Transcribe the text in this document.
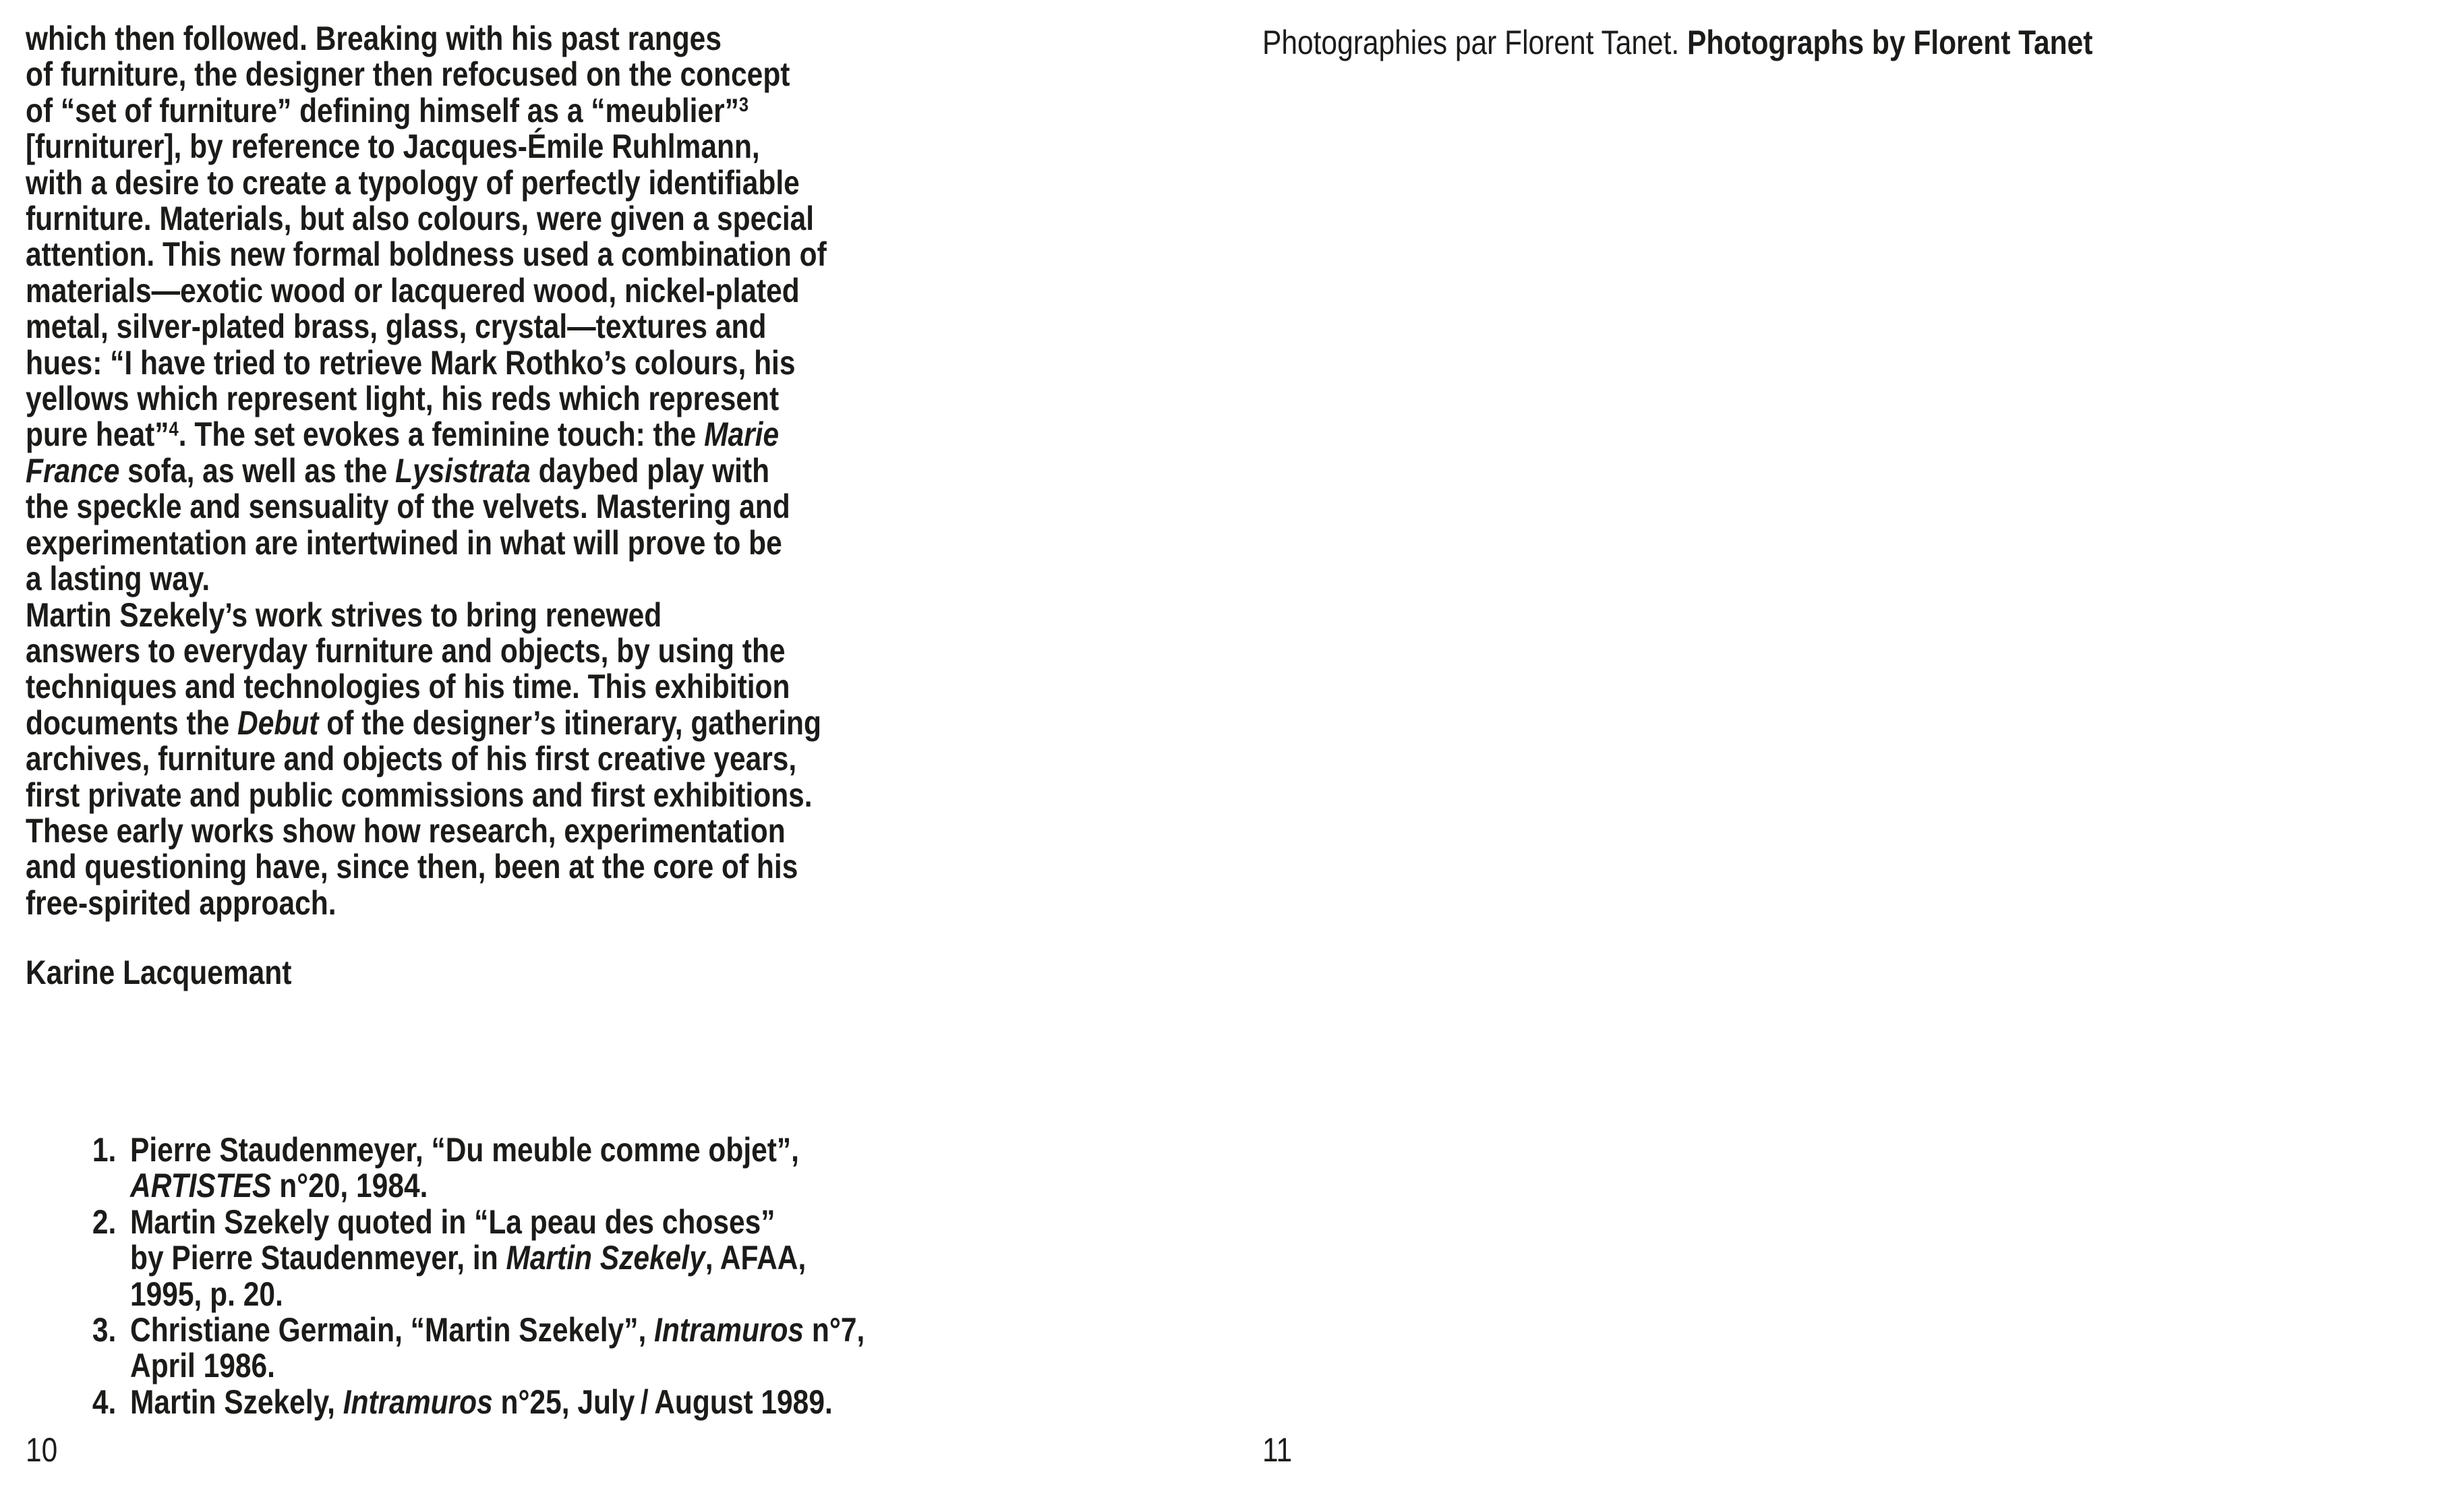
which then followed. Breaking with his past ranges
of furniture, the designer then refocused on the concept
of “set of furniture” defining himself as a “meublier”$^3$
[furniturer], by reference to Jacques-Émile Ruhlmann,
with a desire to create a typology of perfectly identifiable
furniture. Materials, but also colours, were given a special
attention. This new formal boldness used a combination of
materials—exotic wood or lacquered wood, nickel-plated
metal, silver-plated brass, glass, crystal—textures and
hues: “I have tried to retrieve Mark Rothko’s colours, his
yellows which represent light, his reds which represent
pure heat”$^4$. The set evokes a feminine touch: the Marie
France sofa, as well as the Lysistrata daybed play with
the speckle and sensuality of the velvets. Mastering and
experimentation are intertwined in what will prove to be
a lasting way.
Martin Szekely’s work strives to bring renewed
answers to everyday furniture and objects, by using the
techniques and technologies of his time. This exhibition
documents the Debut of the designer’s itinerary, gathering
archives, furniture and objects of his first creative years,
first private and public commissions and first exhibitions.
These early works show how research, experimentation
and questioning have, since then, been at the core of his
free-spirited approach.
Karine Lacquemant
1. Pierre Staudenmeyer, “Du meuble comme objet”,
ARTISTES n°20, 1984.
2. Martin Szekely quoted in “La peau des choses”
by Pierre Staudenmeyer, in Martin Szekely, AFAA,
1995, p. 20.
3. Christiane Germain, “Martin Szekely”, Intramuros n°7,
April 1986.
4. Martin Szekely, Intramuros n°25, July / August 1989.
10
Photographies par Florent Tanet. Photographs by Florent Tanet
11
